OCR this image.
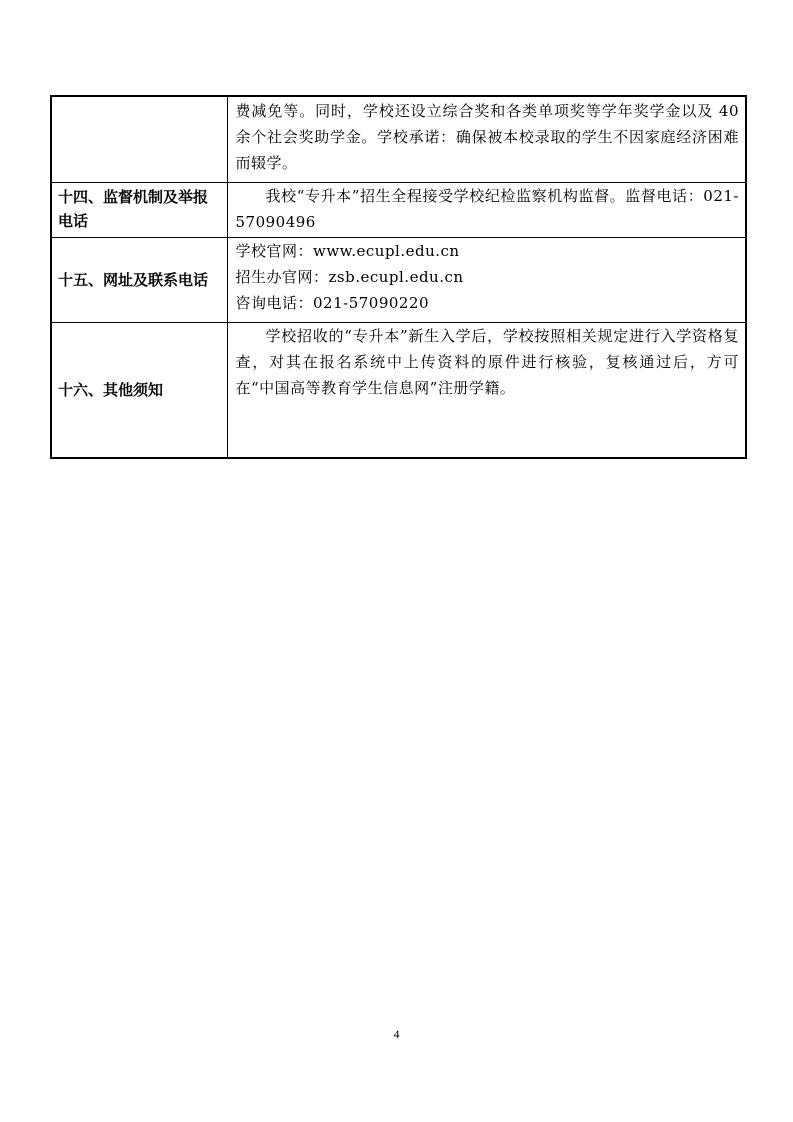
	费减免等。同时，学校还设立综合奖和各类单项奖等学年奖学金以及 40 余个社会奖助学金。学校承诺：确保被本校录取的学生不因家庭经济困难而辍学。

十四、监督机制及举报电话	我校“专升本”招生全程接受学校纪检监察机构监督。监督电话：021-57090496

十五、网址及联系电话	学校官网：www.ecupl.edu.cn
招生办官网：zsb.ecupl.edu.cn
咨询电话：021-57090220

十六、其他须知	学校招收的“专升本”新生入学后，学校按照相关规定进行入学资格复查，对其在报名系统中上传资料的原件进行核验，复核通过后，方可在“中国高等教育学生信息网”注册学籍。

4
